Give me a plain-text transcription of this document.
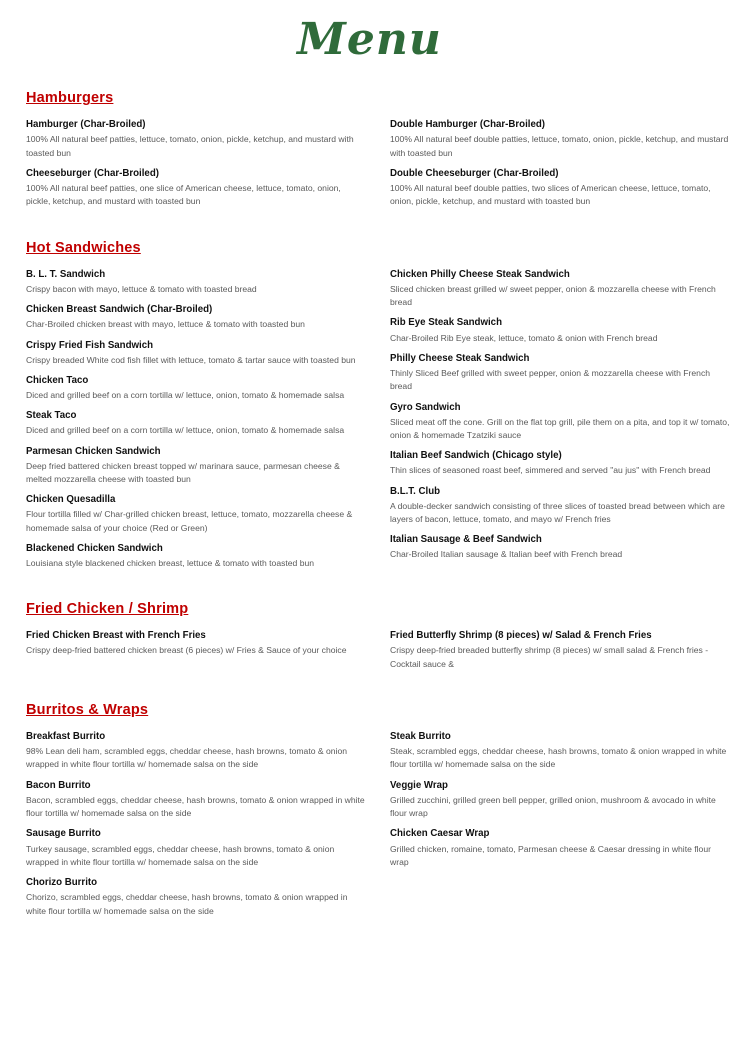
Menu
Hamburgers
Hamburger (Char-Broiled)
100% All natural beef patties, lettuce, tomato, onion, pickle, ketchup, and mustard with toasted bun
Cheeseburger (Char-Broiled)
100% All natural beef patties, one slice of American cheese, lettuce, tomato, onion, pickle, ketchup, and mustard with toasted bun
Double Hamburger (Char-Broiled)
100% All natural beef double patties, lettuce, tomato, onion, pickle, ketchup, and mustard with toasted bun
Double Cheeseburger (Char-Broiled)
100% All natural beef double patties, two slices of American cheese, lettuce, tomato, onion, pickle, ketchup, and mustard with toasted bun
Hot Sandwiches
B. L. T. Sandwich
Crispy bacon with mayo, lettuce & tomato with toasted bread
Chicken Breast Sandwich (Char-Broiled)
Char-Broiled chicken breast with mayo, lettuce & tomato with toasted bun
Crispy Fried Fish Sandwich
Crispy breaded White cod fish fillet with lettuce, tomato & tartar sauce with toasted bun
Chicken Taco
Diced and grilled beef on a corn tortilla w/ lettuce, onion, tomato & homemade salsa
Steak Taco
Diced and grilled beef on a corn tortilla w/ lettuce, onion, tomato & homemade salsa
Parmesan Chicken Sandwich
Deep fried battered chicken breast topped w/ marinara sauce, parmesan cheese & melted mozzarella cheese with toasted bun
Chicken Quesadilla
Flour tortilla filled w/ Char-grilled chicken breast, lettuce, tomato, mozzarella cheese & homemade salsa of your choice (Red or Green)
Blackened Chicken Sandwich
Louisiana style blackened chicken breast, lettuce & tomato with toasted bun
Chicken Philly Cheese Steak Sandwich
Sliced chicken breast grilled w/ sweet pepper, onion & mozzarella cheese with French bread
Rib Eye Steak Sandwich
Char-Broiled Rib Eye steak, lettuce, tomato & onion with French bread
Philly Cheese Steak Sandwich
Thinly Sliced Beef grilled with sweet pepper, onion & mozzarella cheese with French bread
Gyro Sandwich
Sliced meat off the cone. Grill on the flat top grill, pile them on a pita, and top it w/ tomato, onion & homemade Tzatziki sauce
Italian Beef Sandwich (Chicago style)
Thin slices of seasoned roast beef, simmered and served "au jus" with French bread
B.L.T. Club
A double-decker sandwich consisting of three slices of toasted bread between which are layers of bacon, lettuce, tomato, and mayo w/ French fries
Italian Sausage & Beef Sandwich
Char-Broiled Italian sausage & Italian beef with French bread
Fried Chicken / Shrimp
Fried Chicken Breast with French Fries
Crispy deep-fried battered chicken breast (6 pieces) w/ Fries & Sauce of your choice
Fried Butterfly Shrimp (8 pieces) w/ Salad & French Fries
Crispy deep-fried breaded butterfly shrimp (8 pieces) w/ small salad & French fries - Cocktail sauce &
Burritos & Wraps
Breakfast Burrito
98% Lean deli ham, scrambled eggs, cheddar cheese, hash browns, tomato & onion wrapped in white flour tortilla w/ homemade salsa on the side
Bacon Burrito
Bacon, scrambled eggs, cheddar cheese, hash browns, tomato & onion wrapped in white flour tortilla w/ homemade salsa on the side
Sausage Burrito
Turkey sausage, scrambled eggs, cheddar cheese, hash browns, tomato & onion wrapped in white flour tortilla w/ homemade salsa on the side
Chorizo Burrito
Chorizo, scrambled eggs, cheddar cheese, hash browns, tomato & onion wrapped in white flour tortilla w/ homemade salsa on the side
Steak Burrito
Steak, scrambled eggs, cheddar cheese, hash browns, tomato & onion wrapped in white flour tortilla w/ homemade salsa on the side
Veggie Wrap
Grilled zucchini, grilled green bell pepper, grilled onion, mushroom & avocado in white flour wrap
Chicken Caesar Wrap
Grilled chicken, romaine, tomato, Parmesan cheese & Caesar dressing in white flour wrap
